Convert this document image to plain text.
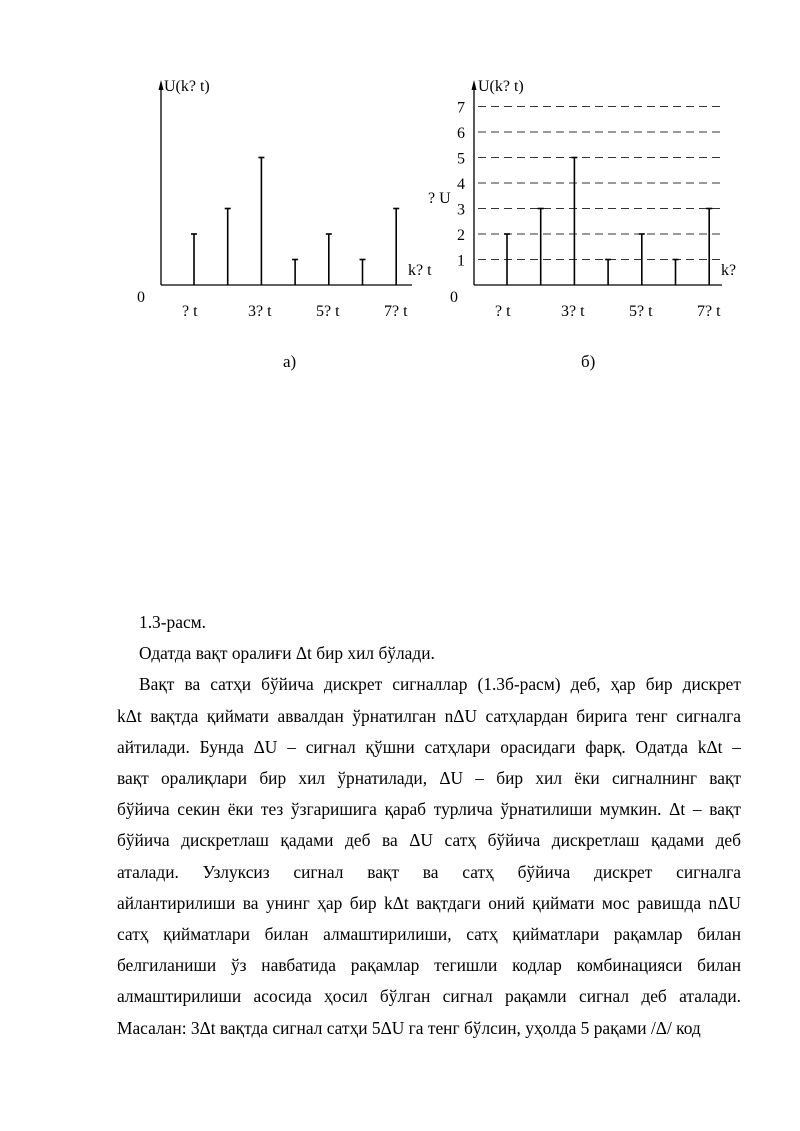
U(k? t)
k? t
0
? t	3? t	5? t	7? t
U(k? t)
k?
0
? U
1
2
3
4
5
6
7
? t	3? t	5? t	7? t
а)	б)

1.3-расм.

Одатда вақт оралиғи Δt бир хил бўлади.

Вақт ва сатҳи бўйича дискрет сигналлар (1.3б-расм) деб, ҳар бир дискрет
kΔt вақтда қиймати аввалдан ўрнатилган nΔU сатҳлардан бирига тенг сигналга
айтилади. Бунда ΔU – сигнал қўшни сатҳлари орасидаги фарқ. Одатда kΔt –
вақт оралиқлари бир хил ўрнатилади, ΔU – бир хил ёки сигналнинг вақт
бўйича секин ёки тез ўзгаришига қараб турлича ўрнатилиши мумкин. Δt – вақт
бўйича дискретлаш қадами деб ва ΔU сатҳ бўйича дискретлаш қадами деб
аталади. Узлуксиз сигнал вақт ва сатҳ бўйича дискрет сигналга
айлантирилиши ва унинг ҳар бир kΔt вақтдаги оний қиймати мос равишда nΔU
сатҳ қийматлари билан алмаштирилиши, сатҳ қийматлари рақамлар билан
белгиланиши ўз навбатида рақамлар тегишли кодлар комбинацияси билан
алмаштирилиши асосида ҳосил бўлган сигнал рақамли сигнал деб аталади.
Масалан: 3Δt вақтда сигнал сатҳи 5ΔU га тенг бўлсин, уҳолда 5 рақами /Δ/ код
